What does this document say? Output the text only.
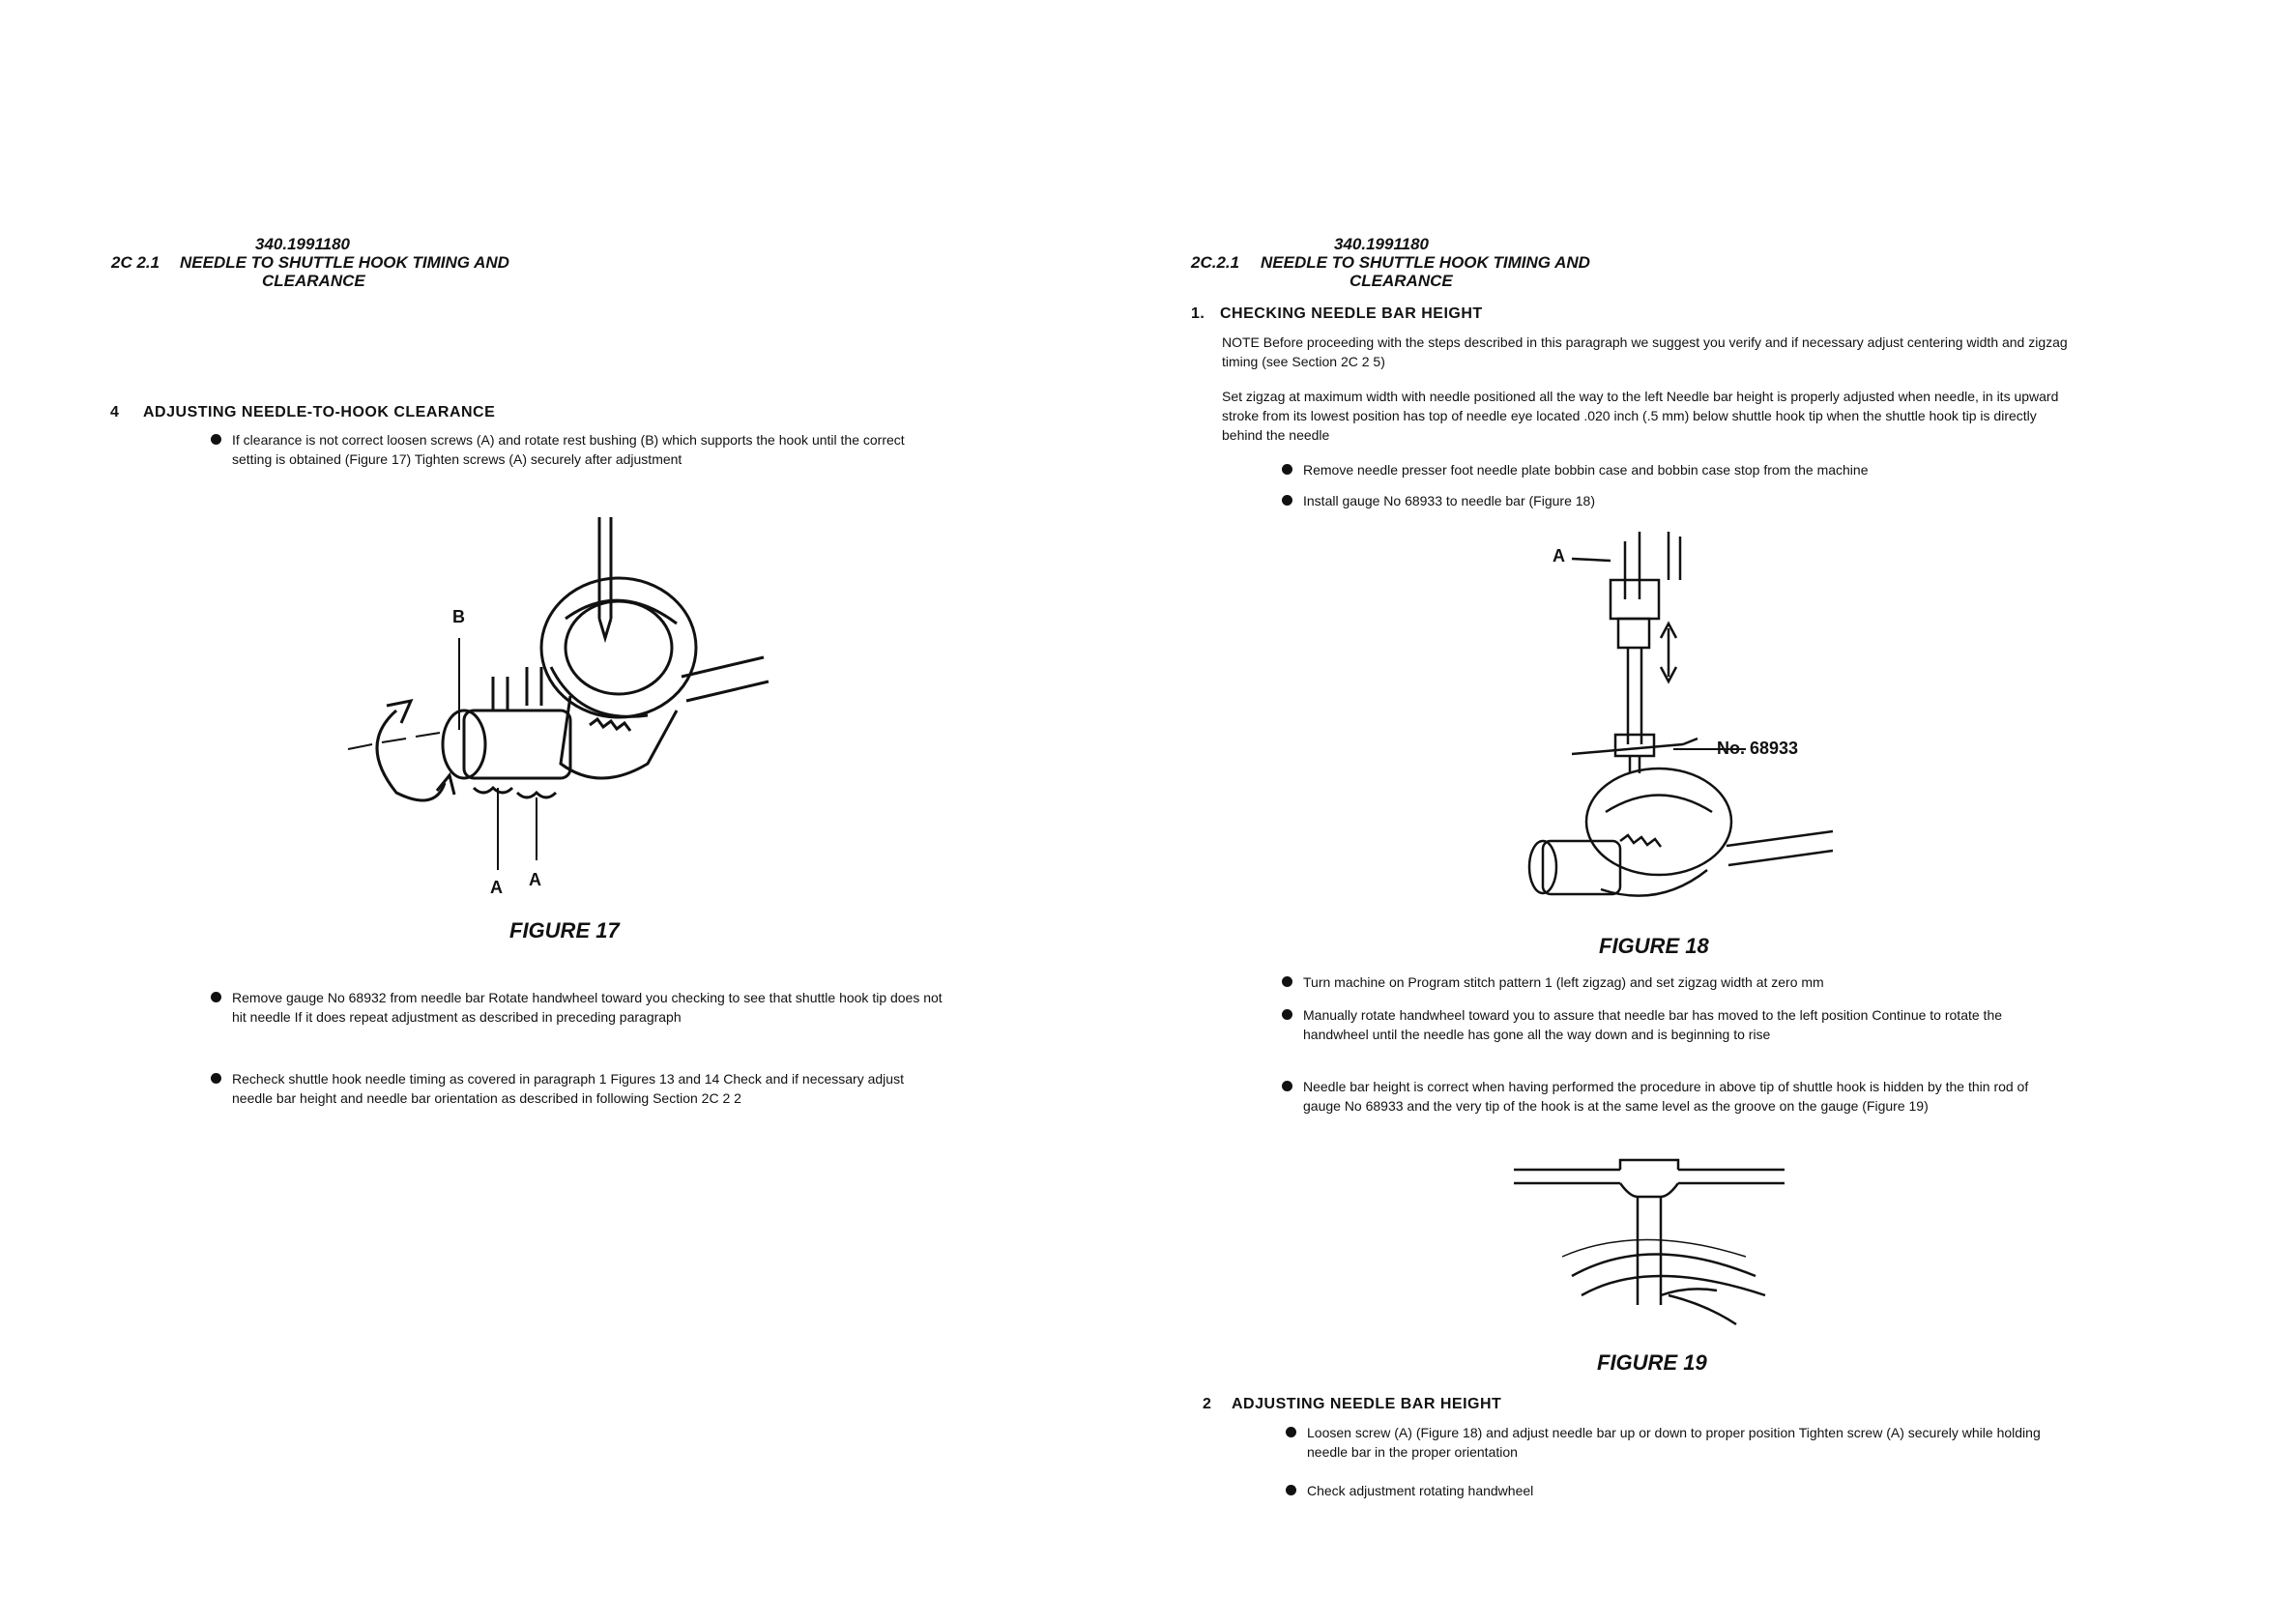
340.1991180
2C 2.1 NEEDLE TO SHUTTLE HOOK TIMING AND
CLEARANCE
4 ADJUSTING NEEDLE-TO-HOOK CLEARANCE
If clearance is not correct loosen screws (A) and rotate rest bushing (B) which supports the hook until the correct setting is obtained (Figure 17) Tighten screws (A) securely after adjustment
B
A A
FIGURE 17
Remove gauge No 68932 from needle bar Rotate handwheel toward you checking to see that shuttle hook tip does not hit needle If it does repeat adjustment as described in preceding paragraph
Recheck shuttle hook needle timing as covered in paragraph 1 Figures 13 and 14 Check and if necessary adjust needle bar height and needle bar orientation as described in following Section 2C 2 2
340.1991180
2C.2.1 NEEDLE TO SHUTTLE HOOK TIMING AND
CLEARANCE
1. CHECKING NEEDLE BAR HEIGHT
NOTE Before proceeding with the steps described in this paragraph we suggest you verify and if necessary adjust centering width and zigzag timing (see Section 2C 2 5)
Set zigzag at maximum width with needle positioned all the way to the left Needle bar height is properly adjusted when needle, in its upward stroke from its lowest position has top of needle eye located .020 inch (.5 mm) below shuttle hook tip when the shuttle hook tip is directly behind the needle
Remove needle presser foot needle plate bobbin case and bobbin case stop from the machine
Install gauge No 68933 to needle bar (Figure 18)
A
No. 68933
FIGURE 18
Turn machine on Program stitch pattern 1 (left zigzag) and set zigzag width at zero mm
Manually rotate handwheel toward you to assure that needle bar has moved to the left position Continue to rotate the handwheel until the needle has gone all the way down and is beginning to rise
Needle bar height is correct when having performed the procedure in above tip of shuttle hook is hidden by the thin rod of gauge No 68933 and the very tip of the hook is at the same level as the groove on the gauge (Figure 19)
FIGURE 19
2 ADJUSTING NEEDLE BAR HEIGHT
Loosen screw (A) (Figure 18) and adjust needle bar up or down to proper position Tighten screw (A) securely while holding needle bar in the proper orientation
Check adjustment rotating handwheel
